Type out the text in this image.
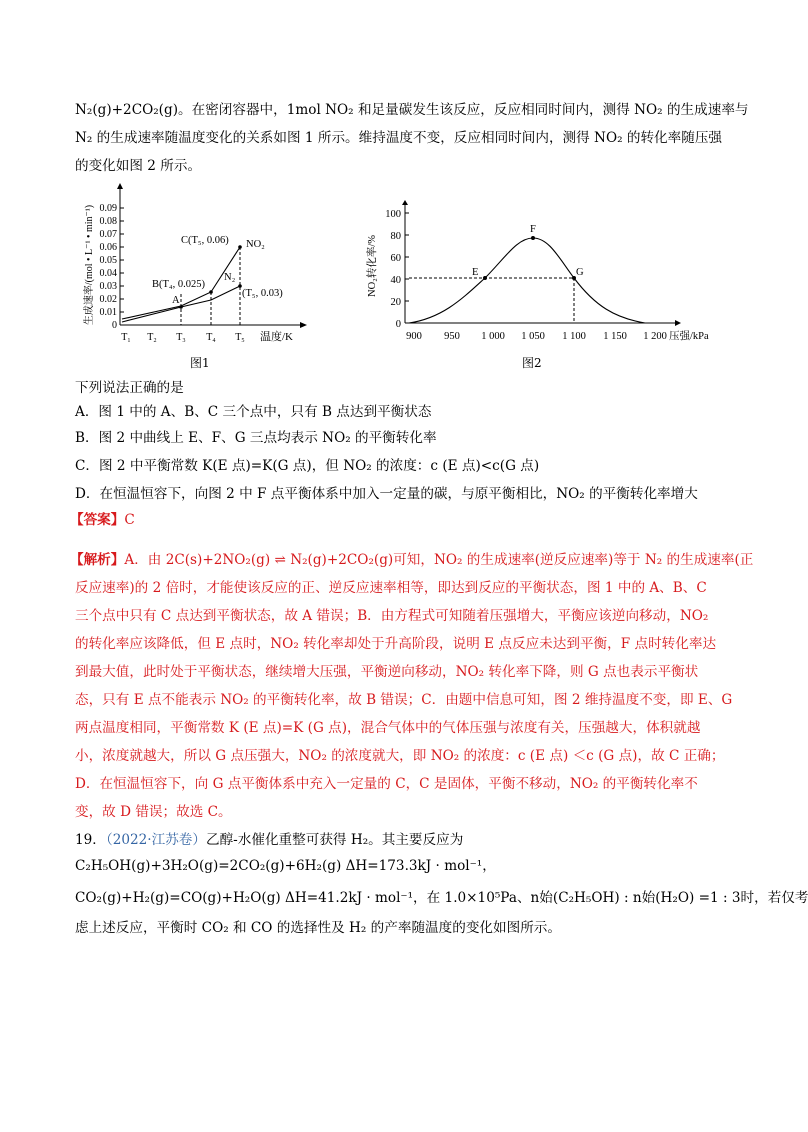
N₂(g)+2CO₂(g)。在密闭容器中，1mol NO₂ 和足量碳发生该反应，反应相同时间内，测得 NO₂ 的生成速率与
N₂ 的生成速率随温度变化的关系如图 1 所示。维持温度不变，反应相同时间内，测得 NO₂ 的转化率随压强
的变化如图 2 所示。
0
0.01
0.02
0.03
0.04
0.05
0.06
0.07
0.08
0.09
生成速率/(mol • L⁻¹ • min⁻¹)
T₁ T₂ T₃ T₄ T₅ 温度/K
A
B(T₄, 0.025)
C(T₅, 0.06) NO₂
N₂
(T₅, 0.03)
图1
0
20
40
60
80
100
NO₂转化率/%
900 950 1 000 1 050 1 100 1 150 1 200 压强/kPa
E
F
G
图2
下列说法正确的是
A．图 1 中的 A、B、C 三个点中，只有 B 点达到平衡状态
B．图 2 中曲线上 E、F、G 三点均表示 NO₂ 的平衡转化率
C．图 2 中平衡常数 K(E 点)=K(G 点)，但 NO₂ 的浓度：c (E 点)<c(G 点)
D．在恒温恒容下，向图 2 中 F 点平衡体系中加入一定量的碳，与原平衡相比，NO₂ 的平衡转化率增大
【答案】C
【解析】A．由 2C(s)+2NO₂(g) ⇌ N₂(g)+2CO₂(g)可知，NO₂ 的生成速率(逆反应速率)等于 N₂ 的生成速率(正
反应速率)的 2 倍时，才能使该反应的正、逆反应速率相等，即达到反应的平衡状态，图 1 中的 A、B、C
三个点中只有 C 点达到平衡状态，故 A 错误；B．由方程式可知随着压强增大，平衡应该逆向移动，NO₂
的转化率应该降低，但 E 点时，NO₂ 转化率却处于升高阶段，说明 E 点反应未达到平衡，F 点时转化率达
到最大值，此时处于平衡状态，继续增大压强，平衡逆向移动，NO₂ 转化率下降，则 G 点也表示平衡状
态，只有 E 点不能表示 NO₂ 的平衡转化率，故 B 错误；C．由题中信息可知，图 2 维持温度不变，即 E、G
两点温度相同，平衡常数 K (E 点)=K (G 点)，混合气体中的气体压强与浓度有关，压强越大，体积就越
小，浓度就越大，所以 G 点压强大，NO₂ 的浓度就大，即 NO₂ 的浓度：c (E 点) ＜c (G 点)，故 C 正确；
D．在恒温恒容下，向 G 点平衡体系中充入一定量的 C，C 是固体，平衡不移动，NO₂ 的平衡转化率不
变，故 D 错误；故选 C。
19．（2022·江苏卷）乙醇-水催化重整可获得 H₂。其主要反应为
C₂H₅OH(g)+3H₂O(g)=2CO₂(g)+6H₂(g) ΔH=173.3kJ · mol⁻¹，
CO₂(g)+H₂(g)=CO(g)+H₂O(g) ΔH=41.2kJ · mol⁻¹，在 1.0×10⁵Pa、n始(C₂H₅OH) : n始(H₂O) =1 : 3时，若仅考
虑上述反应，平衡时 CO₂ 和 CO 的选择性及 H₂ 的产率随温度的变化如图所示。
